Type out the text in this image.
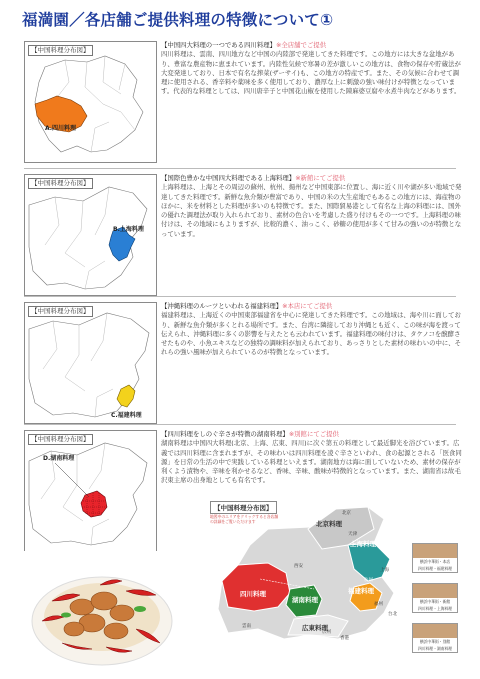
福満園／各店舗ご提供料理の特徴について①
【中国料理分布図】
A.四川料理
【中国四大料理の一つである四川料理】※全店舗でご提供
四川料理は、雲南、四川地方など中国の内陸部で発達してきた料理です。この地方には大きな盆地があり、豊富な農産物に恵まれています。内陸性気候で寒暑の差が激しいこの地方は、食物の保存や貯蔵法が大変発達しており、日本で有名な搾菜(ザーサイ)も、この地方の特産です。また、その気候に合わせて調理に使用される、香辛料や薬味を多く使用しており、濃厚な上に刺激の強い味付けが特徴となっています。代表的な料理としては、四川唐辛子と中国花山椒を使用した陳麻婆豆腐や水煮牛肉などがあります。
【中国料理分布図】
B.上海料理
【国際色豊かな中国四大料理である上海料理】※新館にてご提供
上海料理は、上海とその周辺の蘇州、杭州、揚州など中国東部に位置し、海に近く川や湖が多い地域で発達してきた料理です。新鮮な魚介類が豊富であり、中国の米の大生産地でもあるこの地方には、海産物のほかに、米を材料とした料理が多いのも特徴です。また、国際貿易港として有名な上海の料理には、国外の優れた調理法が取り入れられており、素材の色合いを考慮した盛り付けもその一つです。上海料理の味付けは、その地域にもよりますが、比較的濃く、油っこく、砂糖の使用が多くて甘みの強いのが特徴となっています。
【中国料理分布図】
C.福建料理
【沖縄料理のルーツといわれる福建料理】※本店にてご提供
福建料理は、上海近くの中国東部福建省を中心に発達してきた料理です。この地域は、海や川に面しており、新鮮な魚介類が多くとれる場所です。また、台湾に隣接しており沖縄とも近く、この味が海を渡って伝えられ、沖縄料理に多くの影響を与えたとも云われています。福建料理の味付けは、タケノコを醗酵させたものや、小魚エキスなどの独特の調味料が加えられており、あっさりとした素材の味わいの中に、それらの強い風味が加えられているのが特徴となっています。
【中国料理分布図】
D.湖南料理
【四川料理をしのぐ辛さが特徴の湖南料理】※別館にてご提供
湖南料理は中国四大料理(北京、上海、広東、四川)に次ぐ第五の料理として最近脚光を浴びています。広義では四川料理に含まれますが、その味わいは四川料理を凌ぐ辛さといわれ、食の起源とされる「医食同源」を日常の生活の中で実践している料理といえます。湖南地方は海に面していないため、素材の保存が利くよう漬物や、辛味を利かせるなど、香味、辛味、酸味が特徴的となっています。また、湖南省は故毛沢東主席の出身地としても有名です。
【中国料理分布図】
地図中のエリアをクリックすると各店舗の詳細をご覧いただけます	北京料理
上海料理
四川料理
湖南料理
福建料理
広東料理
北京
天津
西安
上海
杭州
福州
台北
香港
広州
雲南
横浜中華街・本店
四川料理・福建料理
横浜中華街・新館
四川料理・上海料理
横浜中華街・別館
四川料理・湖南料理
